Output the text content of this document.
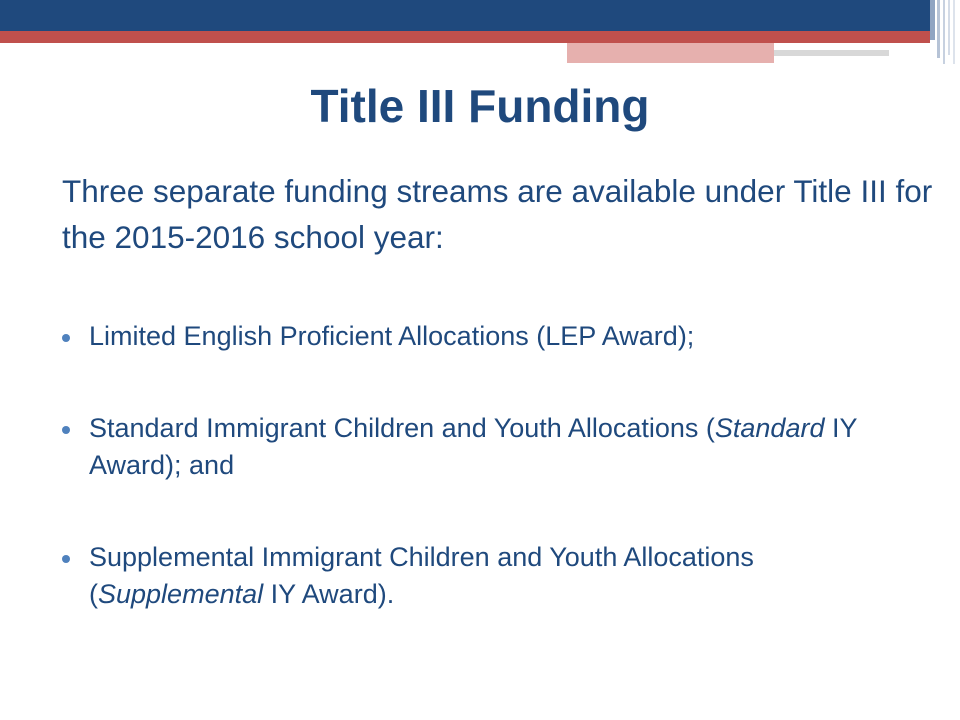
Title III Funding
Three separate funding streams are available under Title III for the 2015-2016 school year:
Limited English Proficient Allocations (LEP Award);
Standard Immigrant Children and Youth Allocations (Standard IY Award); and
Supplemental Immigrant Children and Youth Allocations (Supplemental IY Award).
